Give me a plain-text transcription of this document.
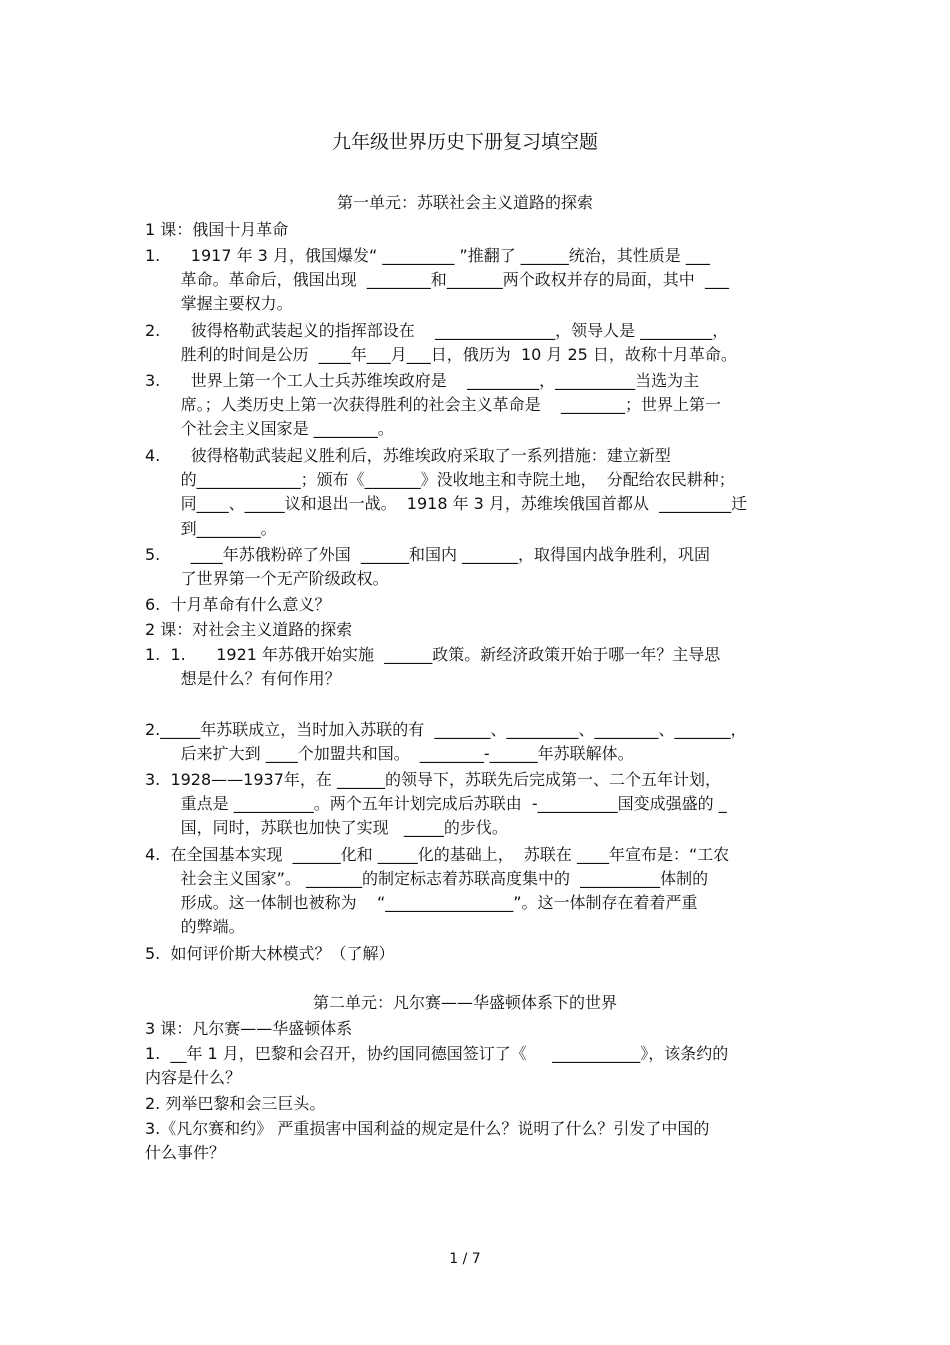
九年级世界历史下册复习填空题

第一单元：苏联社会主义道路的探索

1 课：俄国十月革命

1.      1917 年 3 月，俄国爆发“ _________ ”推翻了 ______统治，其性质是 ___

革命。革命后，俄国出现  ________和_______两个政权并存的局面，其中  ___

掌握主要权力。

2.      彼得格勒武装起义的指挥部设在    _______________，领导人是 _________，

胜利的时间是公历  ____年___月___日，俄历为  10 月 25 日，故称十月革命。

3.      世界上第一个工人士兵苏维埃政府是    _________，__________当选为主

席。；人类历史上第一次获得胜利的社会主义革命是    ________；世界上第一

个社会主义国家是 ________。

4.      彼得格勒武装起义胜利后，苏维埃政府采取了一系列措施：建立新型

的_____________；颁布《_______》没收地主和寺院土地，  分配给农民耕种；

同____、_____议和退出一战。  1918 年 3 月，苏维埃俄国首都从  _________迁

到________。

5.      ____年苏俄粉碎了外国  ______和国内 _______，取得国内战争胜利，巩固

了世界第一个无产阶级政权。

6.  十月革命有什么意义？

2 课：对社会主义道路的探索

1.  1.      1921 年苏俄开始实施  ______政策。新经济政策开始于哪一年？主导思

想是什么？有何作用？

2._____年苏联成立，当时加入苏联的有  _______、_________、________、_______，

后来扩大到 ____个加盟共和国。  ________-______年苏联解体。

3.  1928——1937年，在 ______的领导下，苏联先后完成第一、二个五年计划，

重点是 __________。两个五年计划完成后苏联由  -__________国变成强盛的 _

国，同时，苏联也加快了实现   _____的步伐。

4.  在全国基本实现  ______化和 _____化的基础上，  苏联在 ____年宣布是：“工农

社会主义国家”。 _______的制定标志着苏联高度集中的  __________体制的

形成。这一体制也被称为    “________________”。这一体制存在着着严重

的弊端。

5.  如何评价斯大林模式？（了解）

第二单元：凡尔赛——华盛顿体系下的世界

3 课：凡尔赛——华盛顿体系

1.  __年 1 月，巴黎和会召开，协约国同德国签订了《     ___________》，该条约的

内容是什么？

2. 列举巴黎和会三巨头。

3.《凡尔赛和约》 严重损害中国利益的规定是什么？说明了什么？引发了中国的

什么事件？

1 / 7
